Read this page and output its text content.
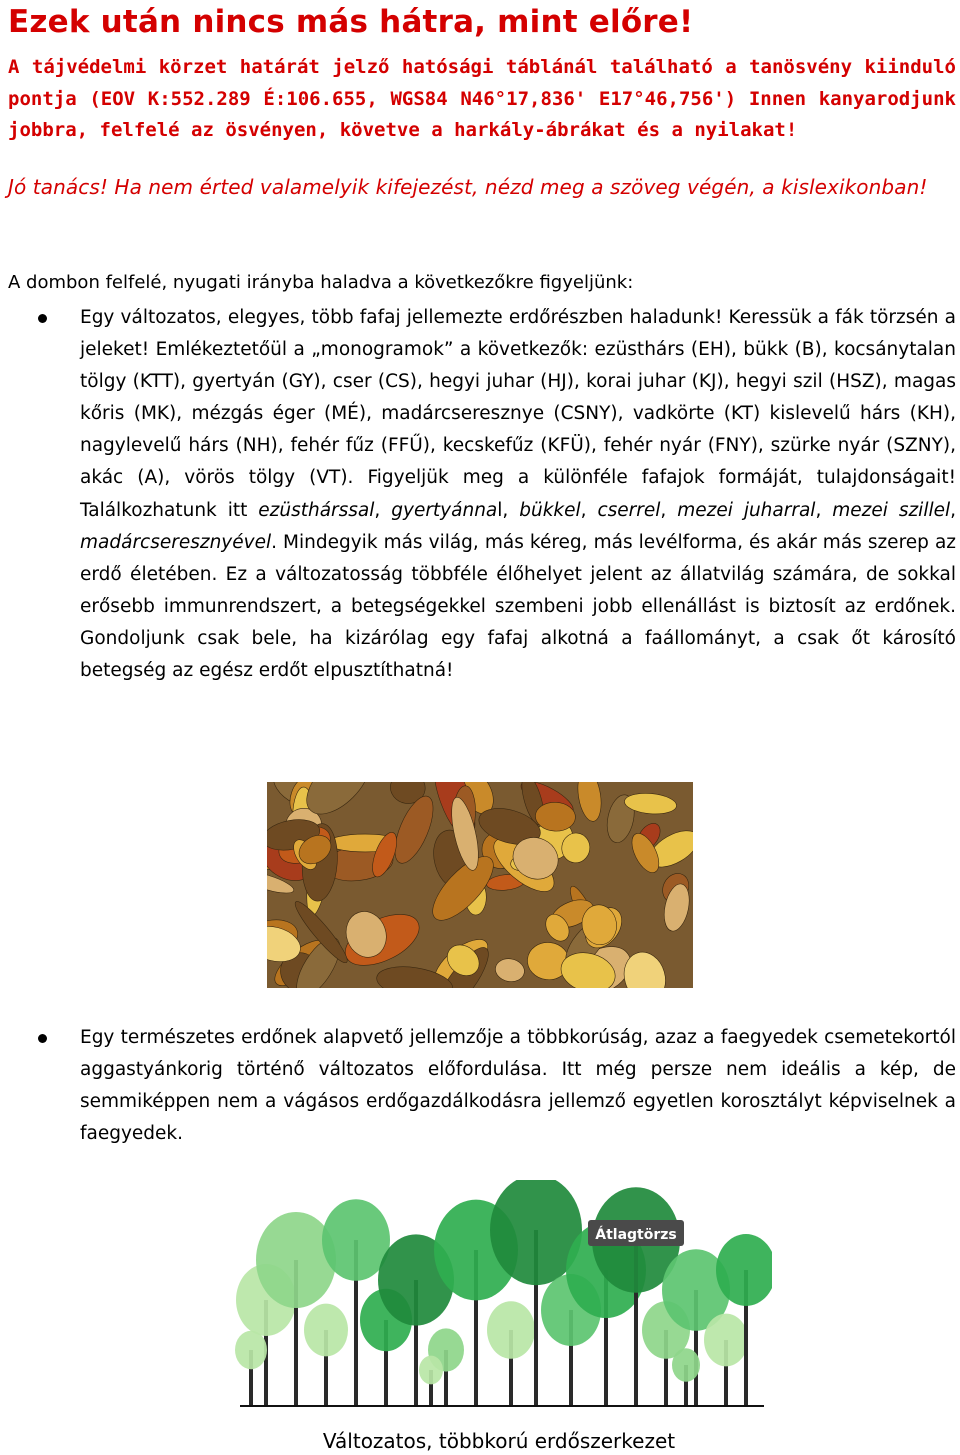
Ezek után nincs más hátra, mint előre!

A tájvédelmi körzet határát jelző hatósági táblánál található a tanösvény kiinduló pontja (EOV K:552.289 É:106.655, WGS84 N46°17,836' E17°46,756') Innen kanyarodjunk jobbra, felfelé az ösvényen, követve a harkály-ábrákat és a nyilakat!

Jó tanács! Ha nem érted valamelyik kifejezést, nézd meg a szöveg végén, a kislexikonban!

A dombon felfelé, nyugati irányba haladva a következőkre figyeljünk:

Egy változatos, elegyes, több fafaj jellemezte erdőrészben haladunk! Keressük a fák törzsén a jeleket! Emlékeztetőül a „monogramok” a következők: ezüsthárs (EH), bükk (B), kocsánytalan tölgy (KTT), gyertyán (GY), cser (CS), hegyi juhar (HJ), korai juhar (KJ), hegyi szil (HSZ), magas kőris (MK), mézgás éger (MÉ), madárcseresznye (CSNY), vadkörte (KT) kislevelű hárs (KH), nagylevelű hárs (NH), fehér fűz (FFŰ), kecskefűz (KFÜ), fehér nyár (FNY), szürke nyár (SZNY), akác (A), vörös tölgy (VT). Figyeljük meg a különféle fafajok formáját, tulajdonságait! Találkozhatunk itt ezüsthárssal, gyertyánnal, bükkel, cserrel, mezei juharral, mezei szillel, madárcseresznyével. Mindegyik más világ, más kéreg, más levélforma, és akár más szerep az erdő életében. Ez a változatosság többféle élőhelyet jelent az állatvilág számára, de sokkal erősebb immunrendszert, a betegségekkel szembeni jobb ellenállást is biztosít az erdőnek. Gondoljunk csak bele, ha kizárólag egy fafaj alkotná a faállományt, a csak őt károsító betegség az egész erdőt elpusztíthatná!

Egy természetes erdőnek alapvető jellemzője a többkorúság, azaz a faegyedek csemetekortól aggastyánkorig történő változatos előfordulása. Itt még persze nem ideális a kép, de semmiképpen nem a vágásos erdőgazdálkodásra jellemző egyetlen korosztályt képviselnek a faegyedek.

Átlagtörzs

Változatos, többkorú erdőszerkezet
